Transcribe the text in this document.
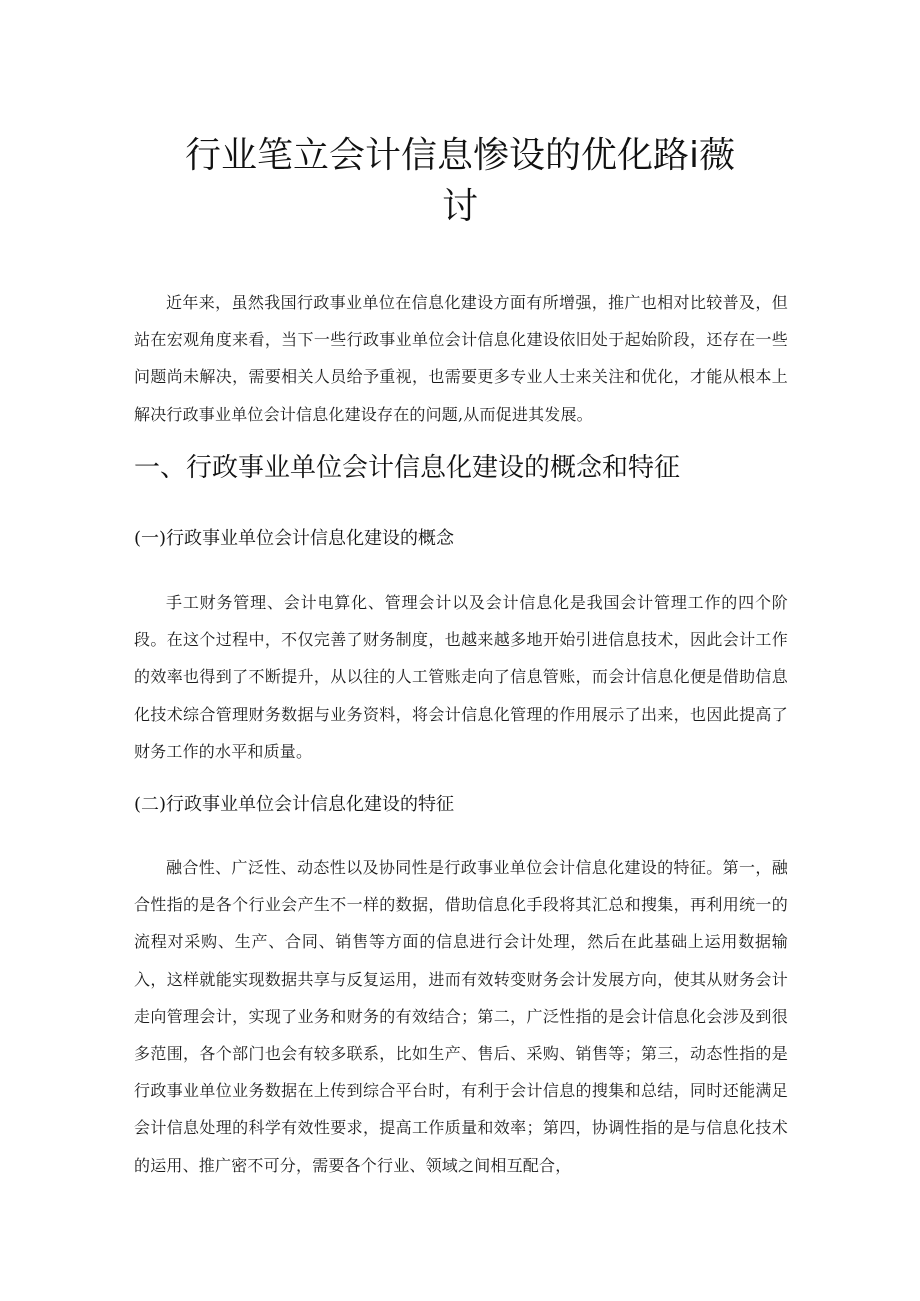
行业笔立会计信息惨设的优化路i薇
讨

近年来，虽然我国行政事业单位在信息化建设方面有所增强，推广也相对比较普及，但站在宏观角度来看，当下一些行政事业单位会计信息化建设依旧处于起始阶段，还存在一些问题尚未解决，需要相关人员给予重视，也需要更多专业人士来关注和优化，才能从根本上解决行政事业单位会计信息化建设存在的问题,从而促进其发展。

一、行政事业单位会计信息化建设的概念和特征
(一)行政事业单位会计信息化建设的概念

手工财务管理、会计电算化、管理会计以及会计信息化是我国会计管理工作的四个阶段。在这个过程中，不仅完善了财务制度，也越来越多地开始引进信息技术，因此会计工作的效率也得到了不断提升，从以往的人工管账走向了信息管账，而会计信息化便是借助信息化技术综合管理财务数据与业务资料，将会计信息化管理的作用展示了出来，也因此提高了财务工作的水平和质量。

(二)行政事业单位会计信息化建设的特征

融合性、广泛性、动态性以及协同性是行政事业单位会计信息化建设的特征。第一，融合性指的是各个行业会产生不一样的数据，借助信息化手段将其汇总和搜集，再利用统一的流程对采购、生产、合同、销售等方面的信息进行会计处理，然后在此基础上运用数据输入，这样就能实现数据共享与反复运用，进而有效转变财务会计发展方向，使其从财务会计走向管理会计，实现了业务和财务的有效结合；第二，广泛性指的是会计信息化会涉及到很多范围，各个部门也会有较多联系，比如生产、售后、采购、销售等；第三，动态性指的是行政事业单位业务数据在上传到综合平台时，有利于会计信息的搜集和总结，同时还能满足会计信息处理的科学有效性要求，提高工作质量和效率；第四，协调性指的是与信息化技术的运用、推广密不可分，需要各个行业、领域之间相互配合，
